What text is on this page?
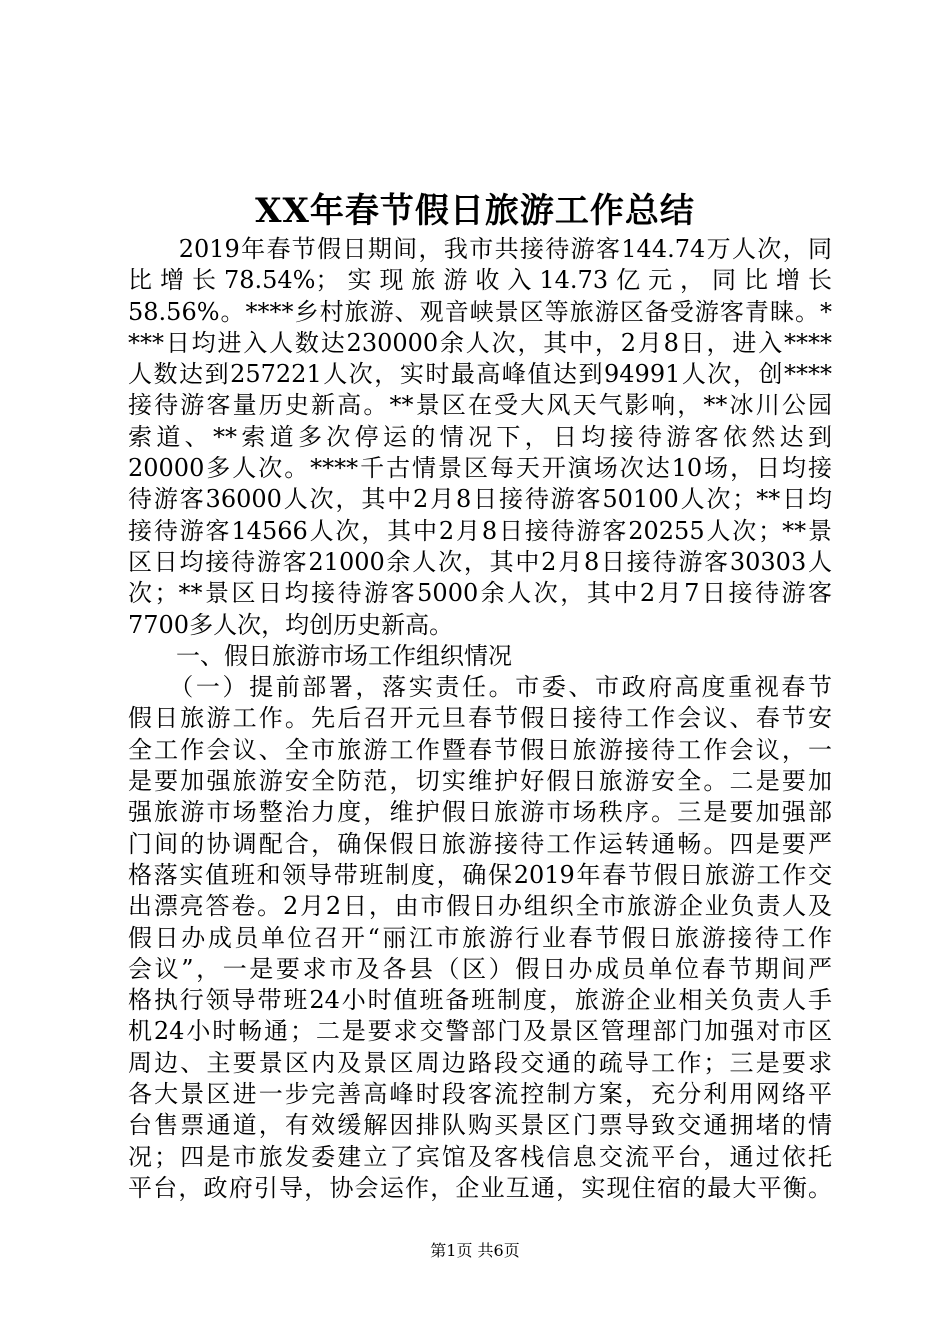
XX年春节假日旅游工作总结
　　2019年春节假日期间，我市共接待游客144.74万人次，同
比增长78.54%；实现旅游收入14.73亿元，同比增长
58.56%。****乡村旅游、观音峡景区等旅游区备受游客青睐。*
***日均进入人数达230000余人次，其中，2月8日，进入****
人数达到257221人次，实时最高峰值达到94991人次，创****
接待游客量历史新高。**景区在受大风天气影响，**冰川公园
索道、**索道多次停运的情况下，日均接待游客依然达到
20000多人次。****千古情景区每天开演场次达10场，日均接
待游客36000人次，其中2月8日接待游客50100人次；**日均
接待游客14566人次，其中2月8日接待游客20255人次；**景
区日均接待游客21000余人次，其中2月8日接待游客30303人
次；**景区日均接待游客5000余人次，其中2月7日接待游客
7700多人次，均创历史新高。
　　一、假日旅游市场工作组织情况
　　（一）提前部署，落实责任。市委、市政府高度重视春节
假日旅游工作。先后召开元旦春节假日接待工作会议、春节安
全工作会议、全市旅游工作暨春节假日旅游接待工作会议，一
是要加强旅游安全防范，切实维护好假日旅游安全。二是要加
强旅游市场整治力度，维护假日旅游市场秩序。三是要加强部
门间的协调配合，确保假日旅游接待工作运转通畅。四是要严
格落实值班和领导带班制度，确保2019年春节假日旅游工作交
出漂亮答卷。2月2日，由市假日办组织全市旅游企业负责人及
假日办成员单位召开“丽江市旅游行业春节假日旅游接待工作
会议”，一是要求市及各县（区）假日办成员单位春节期间严
格执行领导带班24小时值班备班制度，旅游企业相关负责人手
机24小时畅通；二是要求交警部门及景区管理部门加强对市区
周边、主要景区内及景区周边路段交通的疏导工作；三是要求
各大景区进一步完善高峰时段客流控制方案，充分利用网络平
台售票通道，有效缓解因排队购买景区门票导致交通拥堵的情
况；四是市旅发委建立了宾馆及客栈信息交流平台，通过依托
平台，政府引导，协会运作，企业互通，实现住宿的最大平衡。
第1页 共6页
